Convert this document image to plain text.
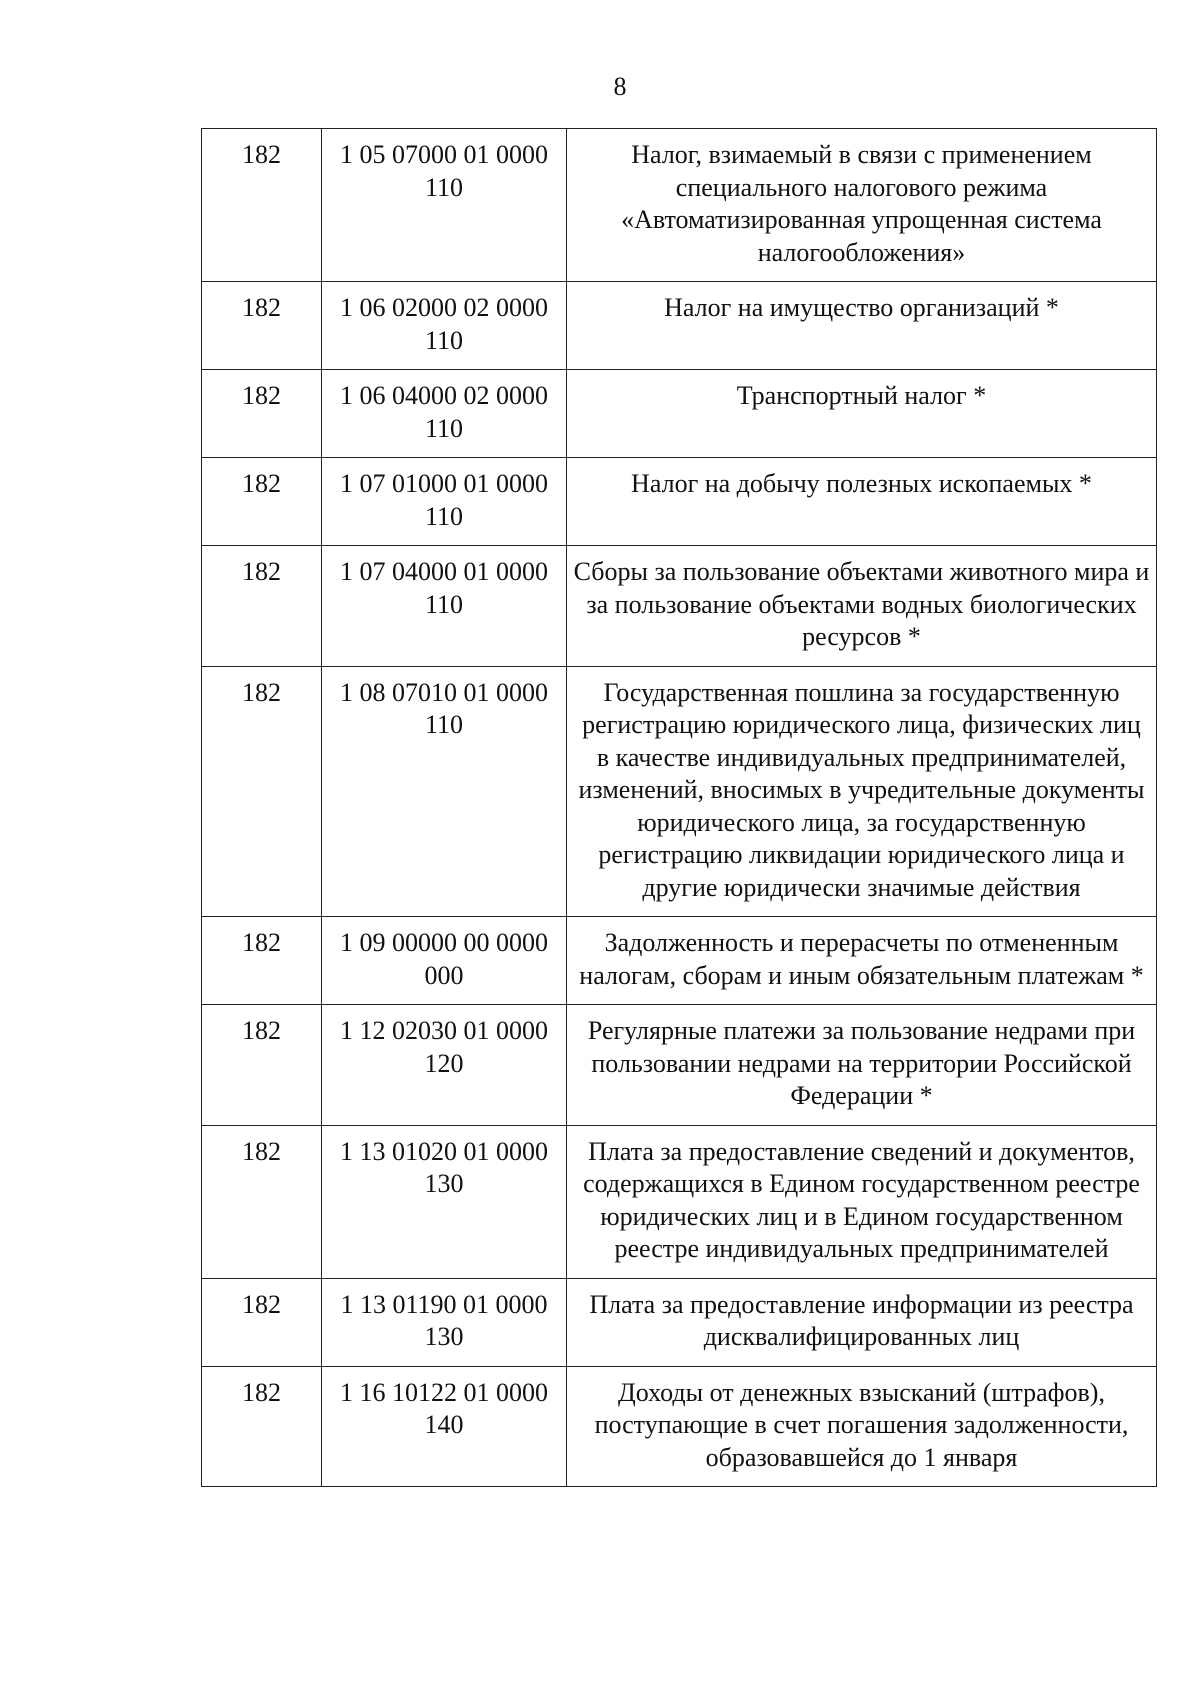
8
182	1 05 07000 01 0000 110	Налог, взимаемый в связи с применением специального налогового режима «Автоматизированная упрощенная система налогообложения»
182	1 06 02000 02 0000 110	Налог на имущество организаций *
182	1 06 04000 02 0000 110	Транспортный налог *
182	1 07 01000 01 0000 110	Налог на добычу полезных ископаемых *
182	1 07 04000 01 0000 110	Сборы за пользование объектами животного мира и за пользование объектами водных биологических ресурсов *
182	1 08 07010 01 0000 110	Государственная пошлина за государственную регистрацию юридического лица, физических лиц в качестве индивидуальных предпринимателей, изменений, вносимых в учредительные документы юридического лица, за государственную регистрацию ликвидации юридического лица и другие юридически значимые действия
182	1 09 00000 00 0000 000	Задолженность и перерасчеты по отмененным налогам, сборам и иным обязательным платежам *
182	1 12 02030 01 0000 120	Регулярные платежи за пользование недрами при пользовании недрами на территории Российской Федерации *
182	1 13 01020 01 0000 130	Плата за предоставление сведений и документов, содержащихся в Едином государственном реестре юридических лиц и в Едином государственном реестре индивидуальных предпринимателей
182	1 13 01190 01 0000 130	Плата за предоставление информации из реестра дисквалифицированных лиц
182	1 16 10122 01 0000 140	Доходы от денежных взысканий (штрафов), поступающие в счет погашения задолженности, образовавшейся до 1 января
